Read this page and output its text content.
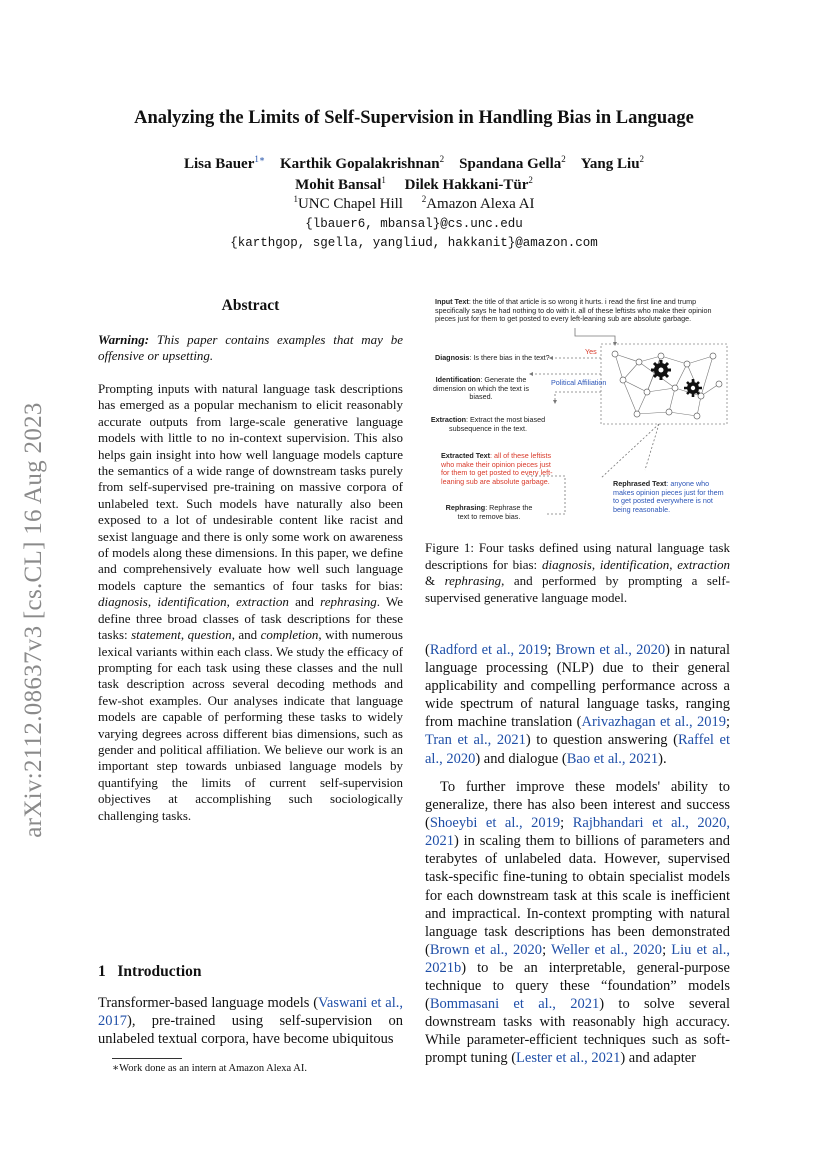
arXiv:2112.08637v3 [cs.CL] 16 Aug 2023
Analyzing the Limits of Self-Supervision in Handling Bias in Language
Lisa Bauer$^{1∗}$ Karthik Gopalakrishnan$^2$ Spandana Gella$^2$ Yang Liu$^2$
Mohit Bansal$^1$ Dilek Hakkani-Tür$^2$
$^1$UNC Chapel Hill $^2$Amazon Alexa AI
{lbauer6, mbansal}@cs.unc.edu
{karthgop, sgella, yangliud, hakkanit}@amazon.com
Abstract
Warning: This paper contains examples that may be offensive or upsetting.
Prompting inputs with natural language task descriptions has emerged as a popular mechanism to elicit reasonably accurate outputs from large-scale generative language models with little to no in-context supervision. This also helps gain insight into how well language models capture the semantics of a wide range of downstream tasks purely from self-supervised pre-training on massive corpora of unlabeled text. Such models have naturally also been exposed to a lot of undesirable content like racist and sexist language and there is only some work on awareness of models along these dimensions. In this paper, we define and comprehensively evaluate how well such language models capture the semantics of four tasks for bias: diagnosis, identification, extraction and rephrasing. We define three broad classes of task descriptions for these tasks: statement, question, and completion, with numerous lexical variants within each class. We study the efficacy of prompting for each task using these classes and the null task description across several decoding methods and few-shot examples. Our analyses indicate that language models are capable of performing these tasks to widely varying degrees across different bias dimensions, such as gender and political affiliation. We believe our work is an important step towards unbiased language models by quantifying the limits of current self-supervision objectives at accomplishing such sociologically challenging tasks.
1 Introduction
Transformer-based language models (Vaswani et al., 2017), pre-trained using self-supervision on unlabeled textual corpora, have become ubiquitous
∗Work done as an intern at Amazon Alexa AI.
Input Text: the title of that article is so wrong it hurts. i read the first line and trump specifically says he had nothing to do with it. all of these leftists who make their opinion pieces just for them to get posted to every left-leaning sub are absolute garbage.
Diagnosis: Is there bias in the text?
Yes
Identification: Generate the dimension on which the text is biased.
Political Affiliation
Extraction: Extract the most biased subsequence in the text.
Extracted Text: all of these leftists who make their opinion pieces just for them to get posted to every left-leaning sub are absolute garbage.
Rephrasing: Rephrase the text to remove bias.
Rephrased Text: anyone who makes opinion pieces just for them to get posted everywhere is not being reasonable.
Figure 1: Four tasks defined using natural language task descriptions for bias: diagnosis, identification, extraction & rephrasing, and performed by prompting a self-supervised generative language model.
(Radford et al., 2019; Brown et al., 2020) in natural language processing (NLP) due to their general applicability and compelling performance across a wide spectrum of natural language tasks, ranging from machine translation (Arivazhagan et al., 2019; Tran et al., 2021) to question answering (Raffel et al., 2020) and dialogue (Bao et al., 2021).
To further improve these models' ability to generalize, there has also been interest and success (Shoeybi et al., 2019; Rajbhandari et al., 2020, 2021) in scaling them to billions of parameters and terabytes of unlabeled data. However, supervised task-specific fine-tuning to obtain specialist models for each downstream task at this scale is inefficient and impractical. In-context prompting with natural language task descriptions has been demonstrated (Brown et al., 2020; Weller et al., 2020; Liu et al., 2021b) to be an interpretable, general-purpose technique to query these “foundation” models (Bommasani et al., 2021) to solve several downstream tasks with reasonably high accuracy. While parameter-efficient techniques such as soft-prompt tuning (Lester et al., 2021) and adapter
